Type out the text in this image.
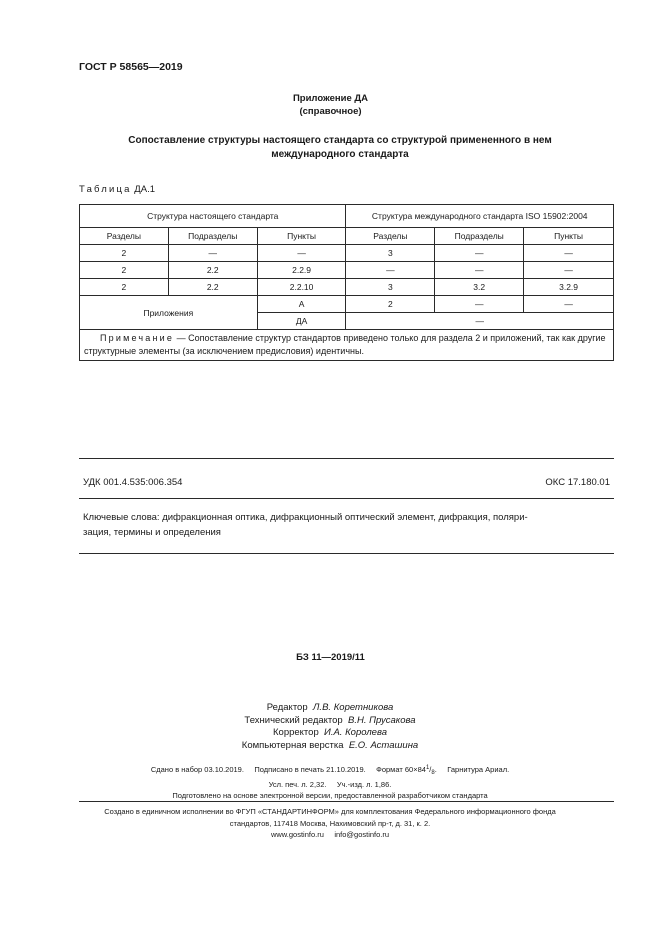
ГОСТ Р 58565—2019
Приложение ДА
(справочное)
Сопоставление структуры настоящего стандарта со структурой примененного в нем
международного стандарта
Таблица ДА.1
Структура настоящего стандарта			Структура международного стандарта ISO 15902:2004		
Разделы	Подразделы	Пункты	Разделы	Подразделы	Пункты
2	—	—	3	—	—
2	2.2	2.2.9	—	—	—
2	2.2	2.2.10	3	3.2	3.2.9
Приложения		А	2	—	—
		ДА	—		
Примечание — Сопоставление структур стандартов приведено только для раздела 2 и приложений, так как другие структурные элементы (за исключением предисловия) идентичны.					
УДК 001.4.535:006.354	ОКС 17.180.01
Ключевые слова: дифракционная оптика, дифракционный оптический элемент, дифракция, поляри-
зация, термины и определения
БЗ 11—2019/11
Редактор Л.В. Коретникова
Технический редактор В.Н. Прусакова
Корректор И.А. Королева
Компьютерная верстка Е.О. Асташина
Сдано в набор 03.10.2019. Подписано в печать 21.10.2019. Формат $60\times 84^1/_8$. Гарнитура Ариал.
Усл. печ. л. 2,32. Уч.-изд. л. 1,86.
Подготовлено на основе электронной версии, предоставленной разработчиком стандарта
Создано в единичном исполнении во ФГУП «СТАНДАРТИНФОРМ» для комплектования Федерального информационного фонда
стандартов, 117418 Москва, Нахимовский пр-т, д. 31, к. 2.
www.gostinfo.ru info@gostinfo.ru
